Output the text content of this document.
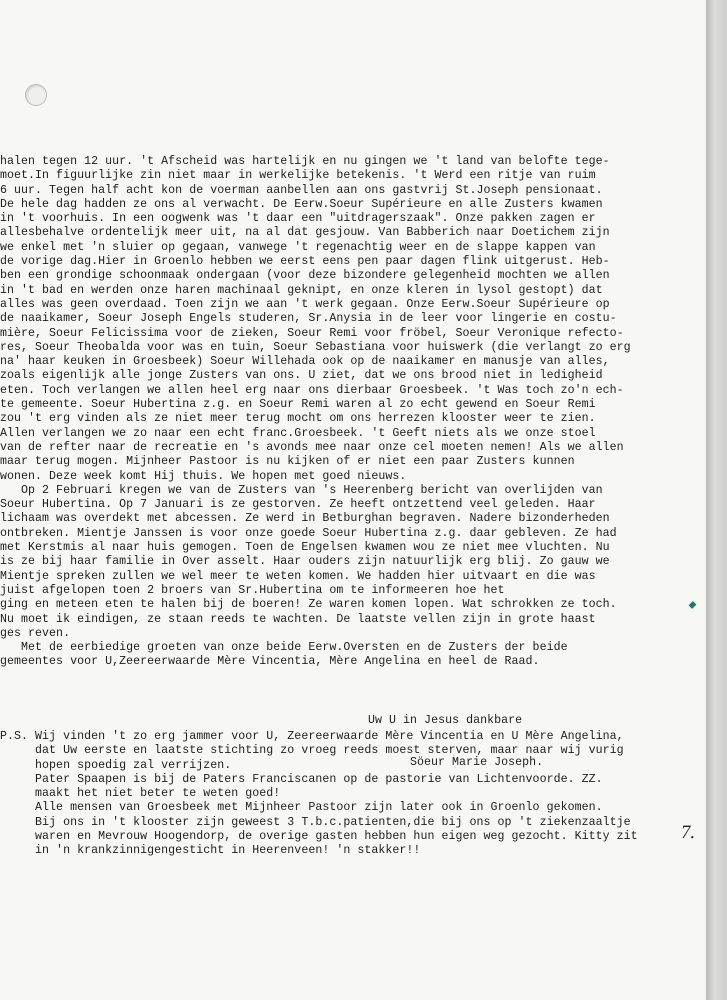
halen tegen 12 uur. 't Afscheid was hartelijk en nu gingen we 't land van belofte tege-
moet.In figuurlijke zin niet maar in werkelijke betekenis. 't Werd een ritje van ruim
6 uur. Tegen half acht kon de voerman aanbellen aan ons gastvrij St.Joseph pensionaat.
De hele dag hadden ze ons al verwacht. De Eerw.Soeur Supérieure en alle Zusters kwamen
in 't voorhuis. In een oogwenk was 't daar een "uitdragerszaak". Onze pakken zagen er
allesbehalve ordentelijk meer uit, na al dat gesjouw. Van Babberich naar Doetichem zijn
we enkel met 'n sluier op gegaan, vanwege 't regenachtig weer en de slappe kappen van
de vorige dag.Hier in Groenlo hebben we eerst eens pen paar dagen flink uitgerust. Heb-
ben een grondige schoonmaak ondergaan (voor deze bizondere gelegenheid mochten we allen
in 't bad en werden onze haren machinaal geknipt, en onze kleren in lysol gestopt) dat
alles was geen overdaad. Toen zijn we aan 't werk gegaan. Onze Eerw.Soeur Supérieure op
de naaikamer, Soeur Joseph Engels studeren, Sr.Anysia in de leer voor lingerie en costu-
mière, Soeur Felicissima voor de zieken, Soeur Remi voor fröbel, Soeur Veronique refecto-
res, Soeur Theobalda voor was en tuin, Soeur Sebastiana voor huiswerk (die verlangt zo erg
na' haar keuken in Groesbeek) Soeur Willehada ook op de naaikamer en manusje van alles,
zoals eigenlijk alle jonge Zusters van ons. U ziet, dat we ons brood niet in ledigheid
eten. Toch verlangen we allen heel erg naar ons dierbaar Groesbeek. 't Was toch zo'n ech-
te gemeente. Soeur Hubertina z.g. en Soeur Remi waren al zo echt gewend en Soeur Remi
zou 't erg vinden als ze niet meer terug mocht om ons herrezen klooster weer te zien.
Allen verlangen we zo naar een echt franc.Groesbeek. 't Geeft niets als we onze stoel
van de refter naar de recreatie en 's avonds mee naar onze cel moeten nemen! Als we allen
maar terug mogen. Mijnheer Pastoor is nu kijken of er niet een paar Zusters kunnen
wonen. Deze week komt Hij thuis. We hopen met goed nieuws.
Op 2 Februari kregen we van de Zusters van 's Heerenberg bericht van overlijden van
Soeur Hubertina. Op 7 Januari is ze gestorven. Ze heeft ontzettend veel geleden. Haar
lichaam was overdekt met abcessen. Ze werd in Betburghan begraven. Nadere bizonderheden
ontbreken. Mientje Janssen is voor onze goede Soeur Hubertina z.g. daar gebleven. Ze had
met Kerstmis al naar huis gemogen. Toen de Engelsen kwamen wou ze niet mee vluchten. Nu
is ze bij haar familie in Over asselt. Haar ouders zijn natuurlijk erg blij. Zo gauw we
Mientje spreken zullen we wel meer te weten komen. We hadden hier uitvaart en die was
juist afgelopen toen 2 broers van Sr.Hubertina om te informeeren hoe het
ging en meteen eten te halen bij de boeren! Ze waren komen lopen. Wat schrokken ze toch.
Nu moet ik eindigen, ze staan reeds te wachten. De laatste vellen zijn in grote haast
ges reven.
Met de eerbiedige groeten van onze beide Eerw.Oversten en de Zusters der beide
gemeentes voor U,Zeereerwaarde Mère Vincentia, Mère Angelina en heel de Raad.

Uw U in Jesus dankbare

Söeur Marie Joseph.

P.S. Wij vinden 't zo erg jammer voor U, Zeereerwaarde Mère Vincentia en U Mère Angelina,
dat Uw eerste en laatste stichting zo vroeg reeds moest sterven, maar naar wij vurig
hopen spoedig zal verrijzen.
Pater Spaapen is bij de Paters Franciscanen op de pastorie van Lichtenvoorde. ZZ.
maakt het niet beter te weten goed!
Alle mensen van Groesbeek met Mijnheer Pastoor zijn later ook in Groenlo gekomen.
Bij ons in 't klooster zijn geweest 3 T.b.c.patienten,die bij ons op 't ziekenzaaltje
waren en Mevrouw Hoogendorp, de overige gasten hebben hun eigen weg gezocht. Kitty zit
in 'n krankzinnigengesticht in Heerenveen! 'n stakker!!
7.
